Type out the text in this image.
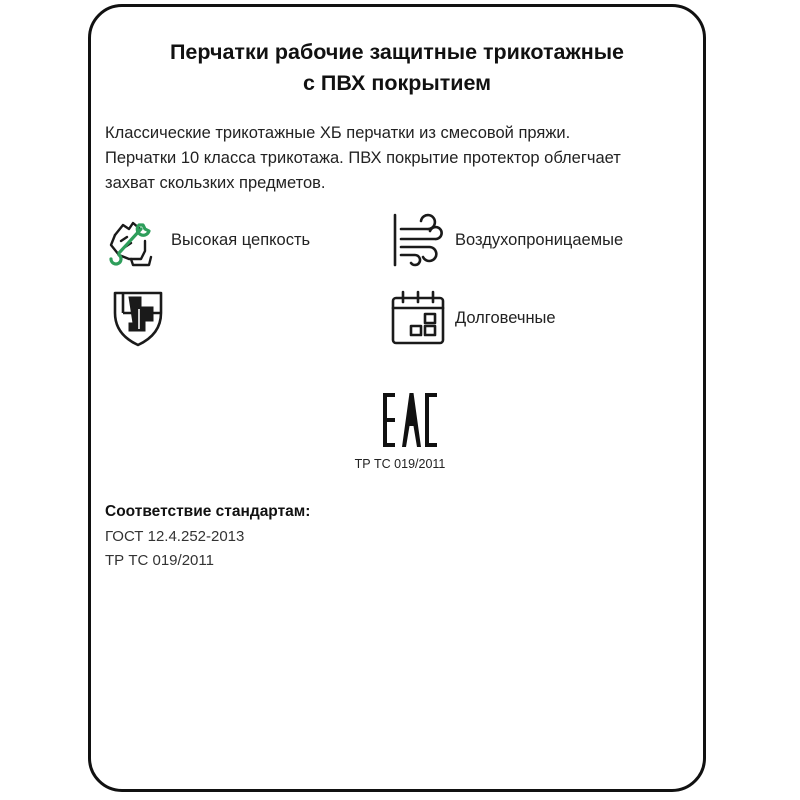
Перчатки рабочие защитные трикотажные
с ПВХ покрытием
Классические трикотажные ХБ перчатки из смесовой пряжи.
Перчатки 10 класса трикотажа. ПВХ покрытие протектор облегчает
захват скользких предметов.
Высокая цепкость	Воздухопроницаемые
Долговечные
ТР ТС 019/2011
Соответствие стандартам:
ГОСТ 12.4.252-2013
ТР ТС 019/2011
